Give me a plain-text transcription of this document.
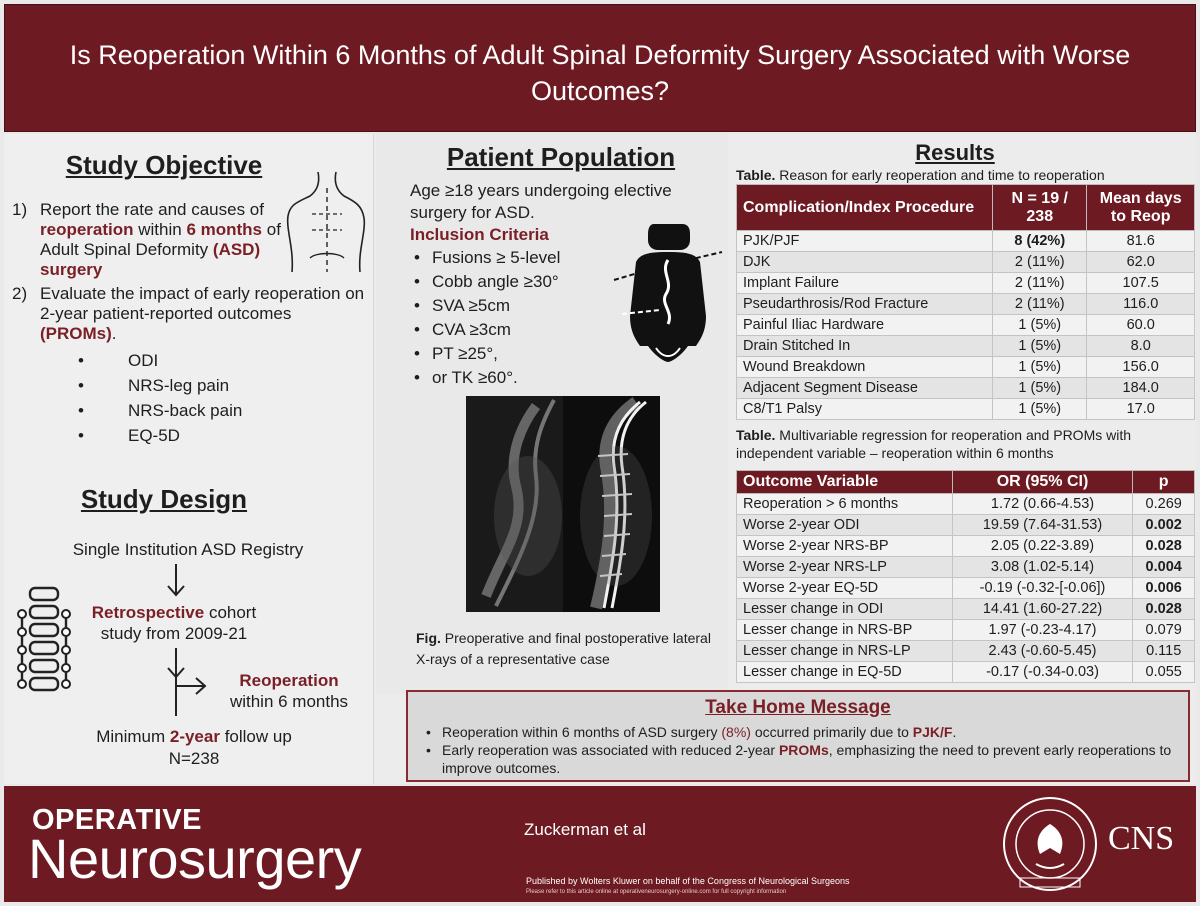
Is Reoperation Within 6 Months of Adult Spinal Deformity Surgery Associated with Worse Outcomes?
Study Objective
1) Report the rate and causes of reoperation within 6 months of Adult Spinal Deformity (ASD) surgery
2) Evaluate the impact of early reoperation on 2-year patient-reported outcomes (PROMs).
• ODI
• NRS-leg pain
• NRS-back pain
• EQ-5D
Study Design
Single Institution ASD Registry
Retrospective cohort study from 2009-21
Reoperation
within 6 months
Minimum 2-year follow up
N=238
Patient Population
Age ≥18 years undergoing elective surgery for ASD.
Inclusion Criteria
• Fusions ≥ 5-level
• Cobb angle ≥30°
• SVA ≥5cm
• CVA ≥3cm
• PT ≥25°,
• or TK ≥60°.
Fig. Preoperative and final postoperative lateral X-rays of a representative case
Results
Table. Reason for early reoperation and time to reoperation
Complication/Index Procedure	N = 19 / 238	Mean days to Reop
PJK/PJF	8 (42%)	81.6
DJK	2 (11%)	62.0
Implant Failure	2 (11%)	107.5
Pseudarthrosis/Rod Fracture	2 (11%)	116.0
Painful Iliac Hardware	1 (5%)	60.0
Drain Stitched In	1 (5%)	8.0
Wound Breakdown	1 (5%)	156.0
Adjacent Segment Disease	1 (5%)	184.0
C8/T1 Palsy	1 (5%)	17.0
Table. Multivariable regression for reoperation and PROMs with independent variable – reoperation within 6 months
Outcome Variable	OR (95% CI)	p
Reoperation > 6 months	1.72 (0.66-4.53)	0.269
Worse 2-year ODI	19.59 (7.64-31.53)	0.002
Worse 2-year NRS-BP	2.05 (0.22-3.89)	0.028
Worse 2-year NRS-LP	3.08 (1.02-5.14)	0.004
Worse 2-year EQ-5D	-0.19 (-0.32-[-0.06])	0.006
Lesser change in ODI	14.41 (1.60-27.22)	0.028
Lesser change in NRS-BP	1.97 (-0.23-4.17)	0.079
Lesser change in NRS-LP	2.43 (-0.60-5.45)	0.115
Lesser change in EQ-5D	-0.17 (-0.34-0.03)	0.055
Take Home Message
• Reoperation within 6 months of ASD surgery (8%) occurred primarily due to PJK/F.
• Early reoperation was associated with reduced 2-year PROMs, emphasizing the need to prevent early reoperations to improve outcomes.
OPERATIVE
Neurosurgery	Zuckerman et al
Published by Wolters Kluwer on behalf of the Congress of Neurological Surgeons
Please refer to this article online at operativeneurosurgery-online.com for full copyright information
CNS
